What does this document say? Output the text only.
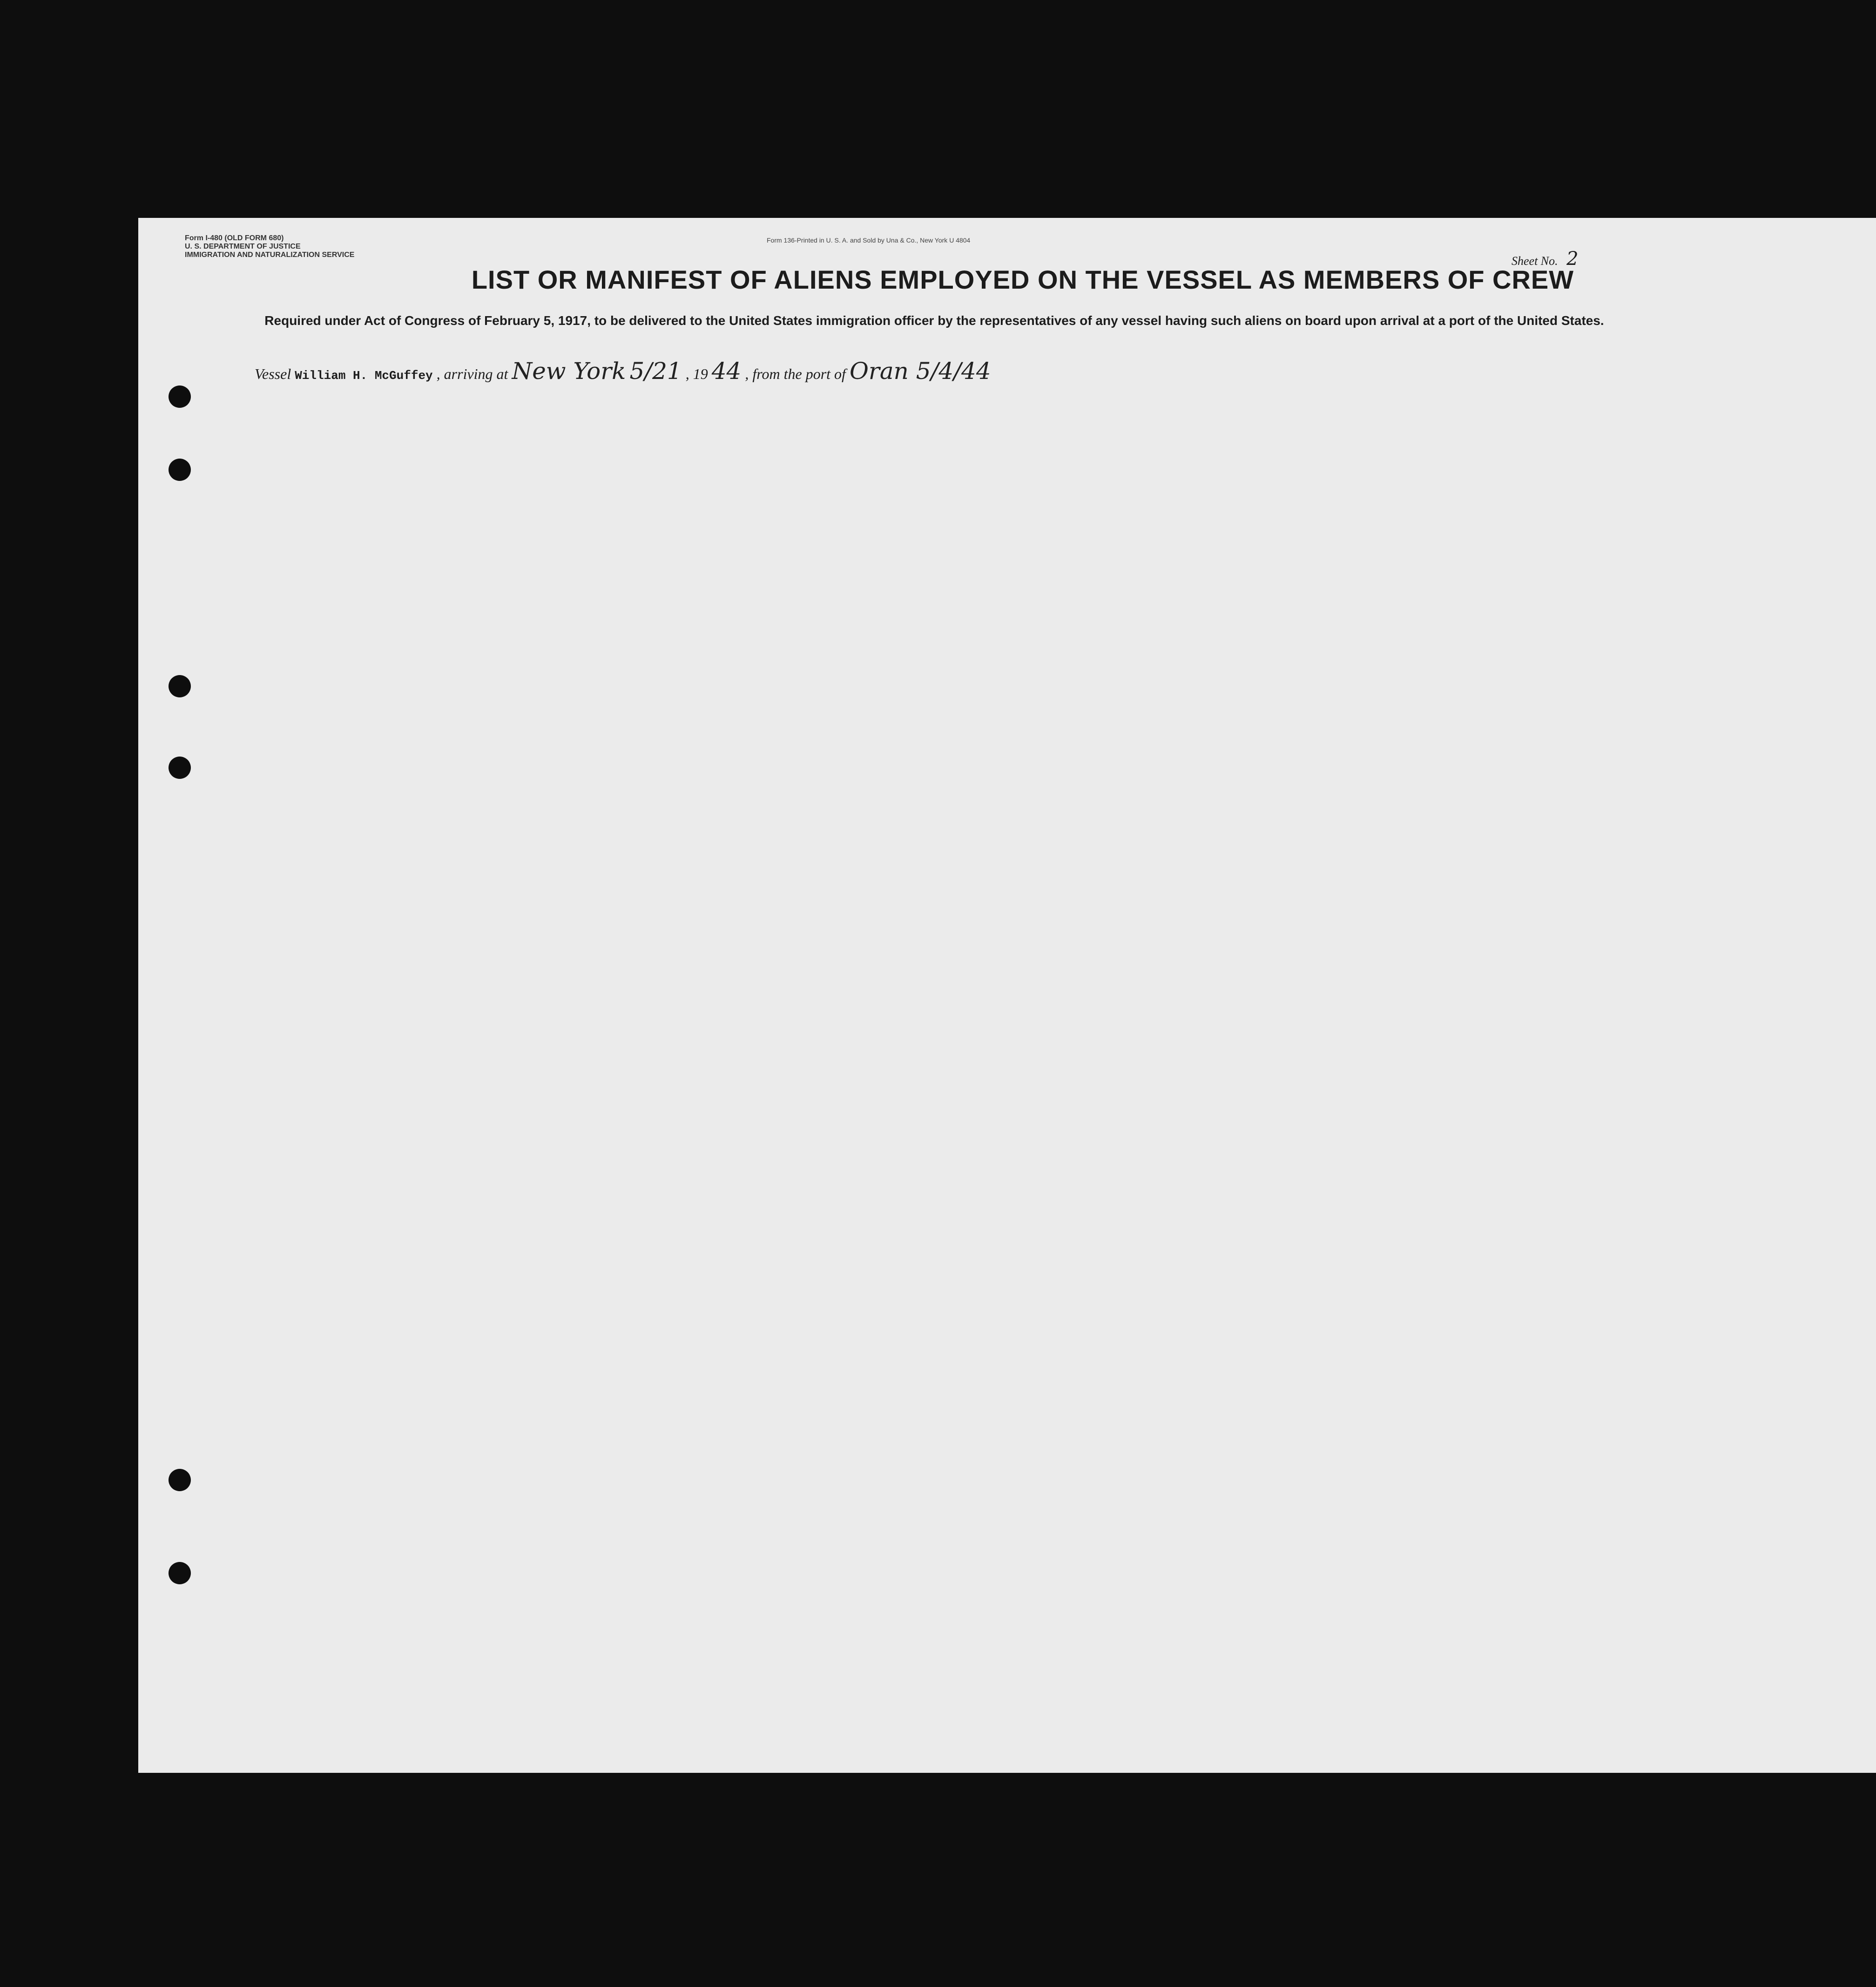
Form I-480 (OLD FORM 680)
U. S. DEPARTMENT OF JUSTICE
IMMIGRATION AND NATURALIZATION SERVICE
Form 136-Printed in U. S. A. and Sold by Una & Co., New York U 4804
Sheet No. 2
LIST OR MANIFEST OF ALIENS EMPLOYED ON THE VESSEL AS MEMBERS OF CREW
Required under Act of Congress of February 5, 1917, to be delivered to the United States immigration officer by the representatives of any vessel having such aliens on board upon arrival at a port of the United States.
Vessel William H. McGuffey , arriving at New York 5/21 , 19 44 , from the port of Oran 5/4/44
